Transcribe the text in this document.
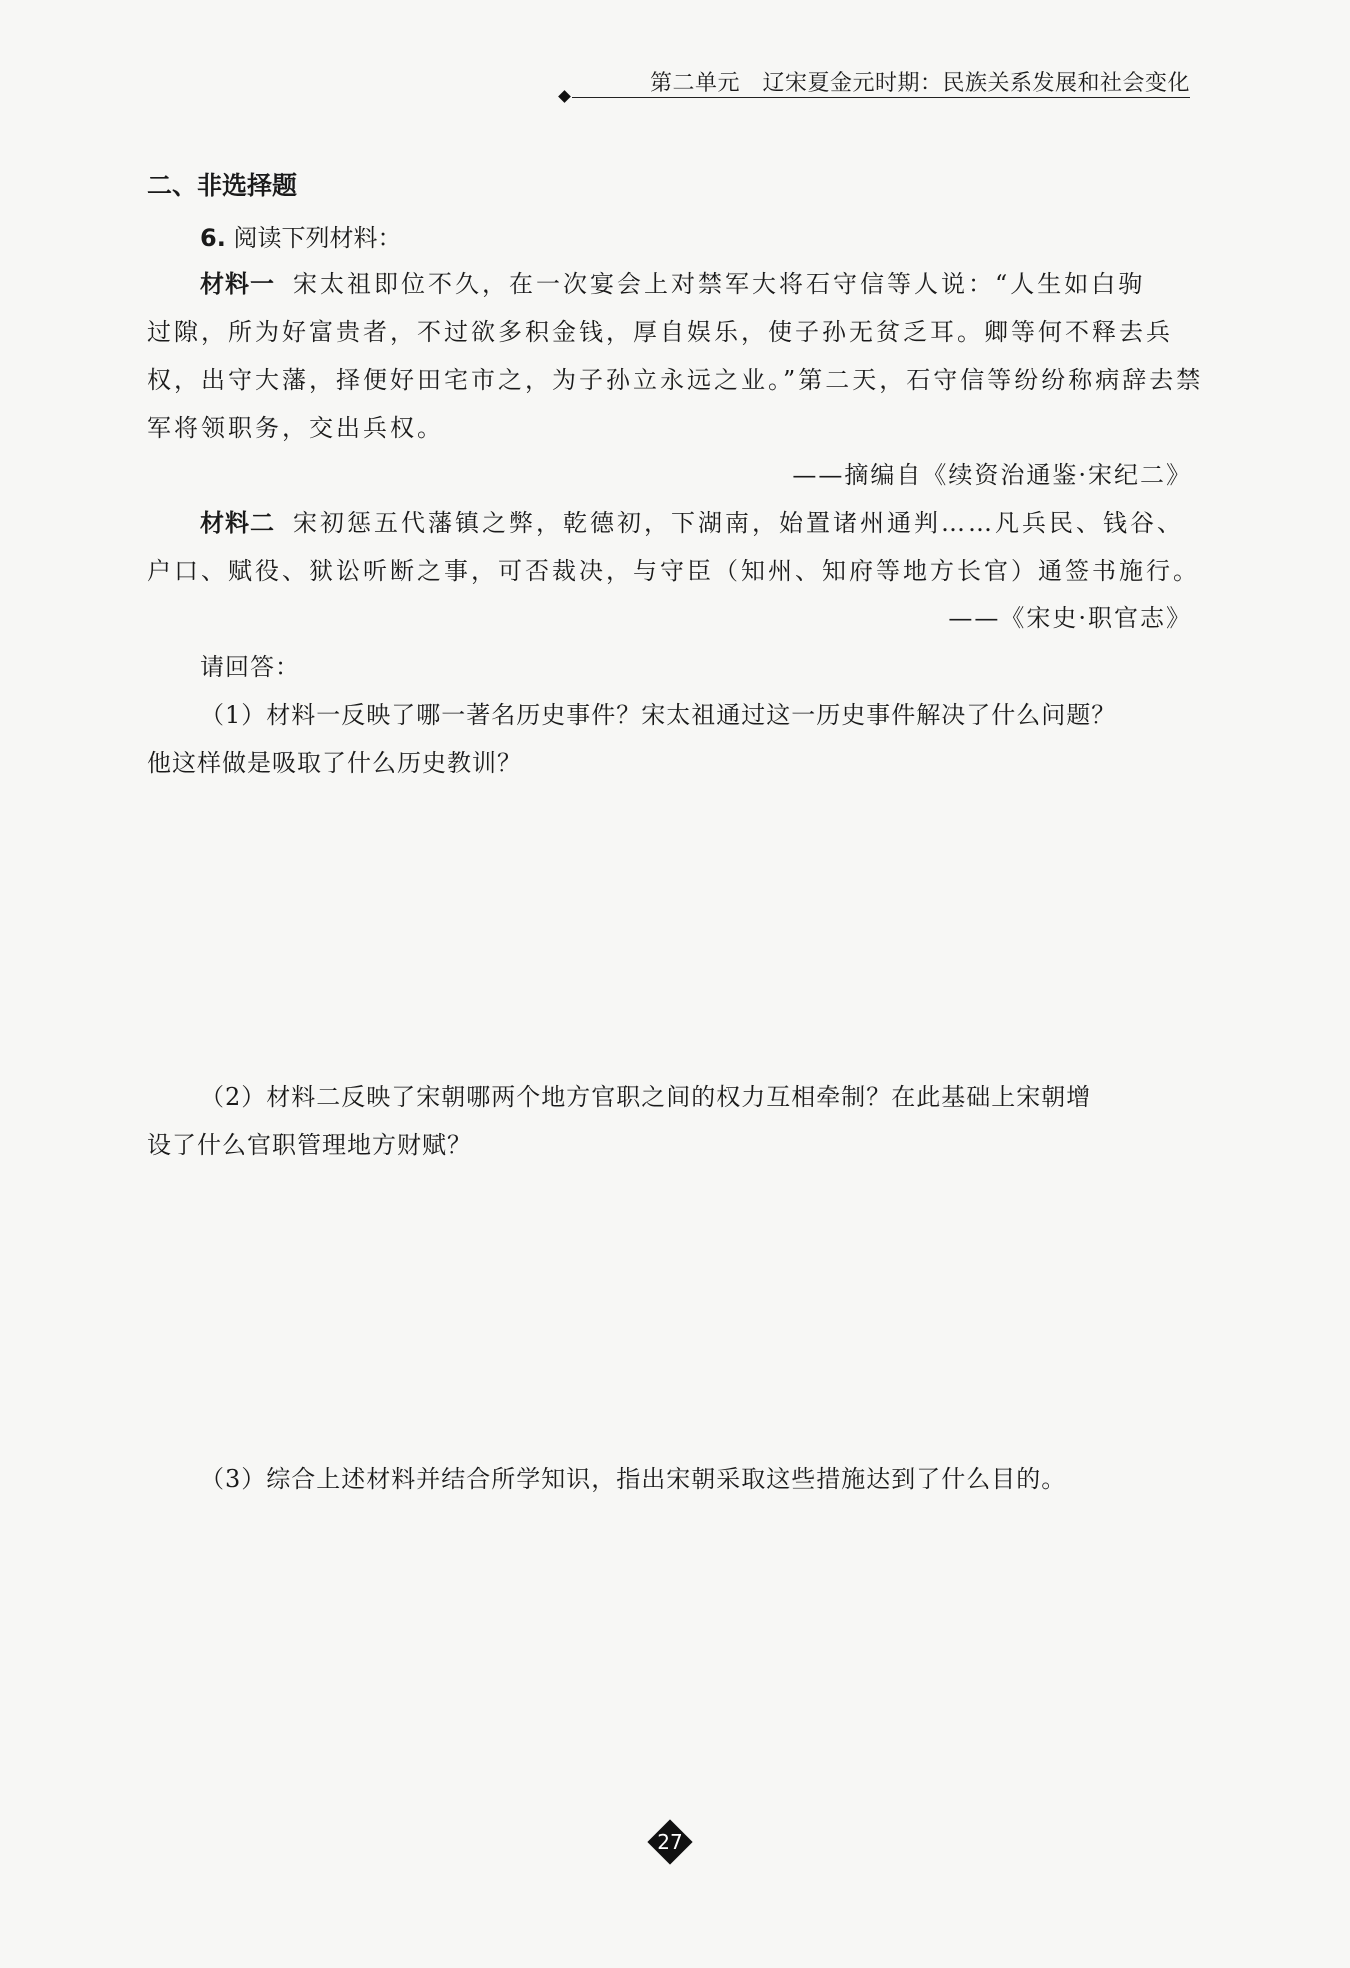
第二单元　辽宋夏金元时期：民族关系发展和社会变化
二、非选择题
6. 阅读下列材料：
材料一 宋太祖即位不久，在一次宴会上对禁军大将石守信等人说：“人生如白驹
过隙，所为好富贵者，不过欲多积金钱，厚自娱乐，使子孙无贫乏耳。卿等何不释去兵
权，出守大藩，择便好田宅市之，为子孙立永远之业。”第二天，石守信等纷纷称病辞去禁
军将领职务，交出兵权。
——摘编自《续资治通鉴·宋纪二》
材料二 宋初惩五代藩镇之弊，乾德初，下湖南，始置诸州通判……凡兵民、钱谷、
户口、赋役、狱讼听断之事，可否裁决，与守臣（知州、知府等地方长官）通签书施行。
——《宋史·职官志》
请回答：
（1）材料一反映了哪一著名历史事件？宋太祖通过这一历史事件解决了什么问题？
他这样做是吸取了什么历史教训？
（2）材料二反映了宋朝哪两个地方官职之间的权力互相牵制？在此基础上宋朝增
设了什么官职管理地方财赋？
（3）综合上述材料并结合所学知识，指出宋朝采取这些措施达到了什么目的。
27
